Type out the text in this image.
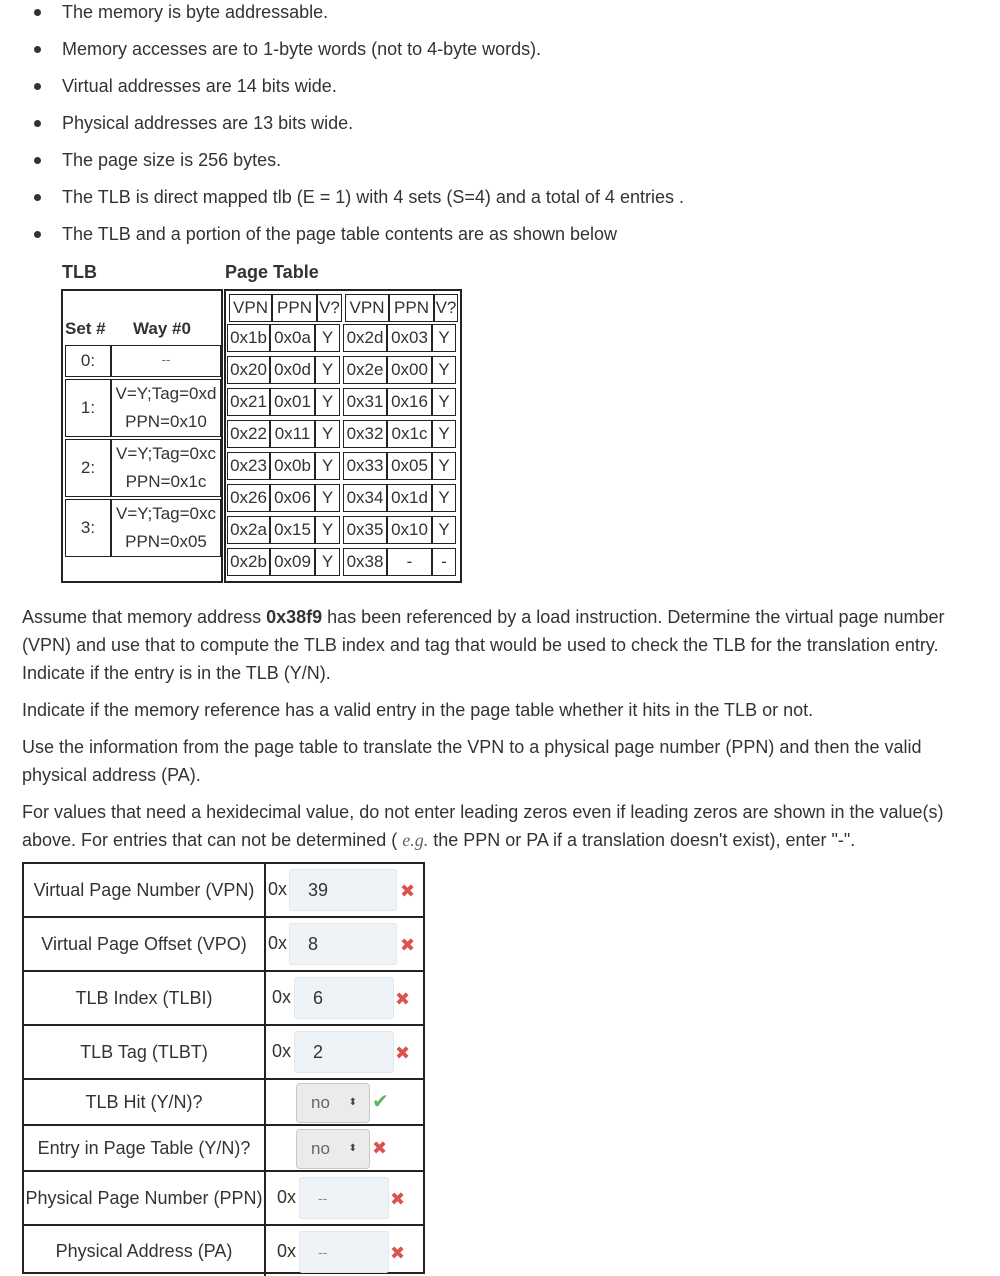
The memory is byte addressable.
Memory accesses are to 1-byte words (not to 4-byte words).
Virtual addresses are 14 bits wide.
Physical addresses are 13 bits wide.
The page size is 256 bytes.
The TLB is direct mapped tlb (E = 1) with 4 sets (S=4) and a total of 4 entries .
The TLB and a portion of the page table contents are as shown below
TLB	Page Table
Set # Way #0
0:	--
1:
V=Y;Tag=0xd
PPN=0x10
2:
V=Y;Tag=0xc
PPN=0x1c
3:
V=Y;Tag=0xc
PPN=0x05
VPN PPN V? VPN PPN V?
0x1b 0x0a Y 0x2d 0x03 Y
0x20 0x0d Y 0x2e 0x00 Y
0x21 0x01 Y 0x31 0x16 Y
0x22 0x11 Y 0x32 0x1c Y
0x23 0x0b Y 0x33 0x05 Y
0x26 0x06 Y 0x34 0x1d Y
0x2a 0x15 Y 0x35 0x10 Y
0x2b 0x09 Y 0x38	-	-
Assume that memory address 0x38f9 has been referenced by a load instruction. Determine the virtual page number (VPN) and use that to compute the TLB index and tag that would be used to check the TLB for the translation entry. Indicate if the entry is in the TLB (Y/N).
Indicate if the memory reference has a valid entry in the page table whether it hits in the TLB or not.
Use the information from the page table to translate the VPN to a physical page number (PPN) and then the valid physical address (PA).
For values that need a hexidecimal value, do not enter leading zeros even if leading zeros are shown in the value(s) above. For entries that can not be determined ( e.g. the PPN or PA if a translation doesn't exist), enter "-".
Virtual Page Number (VPN) 0x	39	✖
Virtual Page Offset (VPO)	0x	8	✖
TLB Index (TLBI)	0x	6	✖
TLB Tag (TLBT)	0x	2	✖
TLB Hit (Y/N)?	no ⬍ ✔
Entry in Page Table (Y/N)?	no ⬍ ✖
Physical Page Number (PPN) 0x	--	✖
Physical Address (PA)	0x	--	✖
